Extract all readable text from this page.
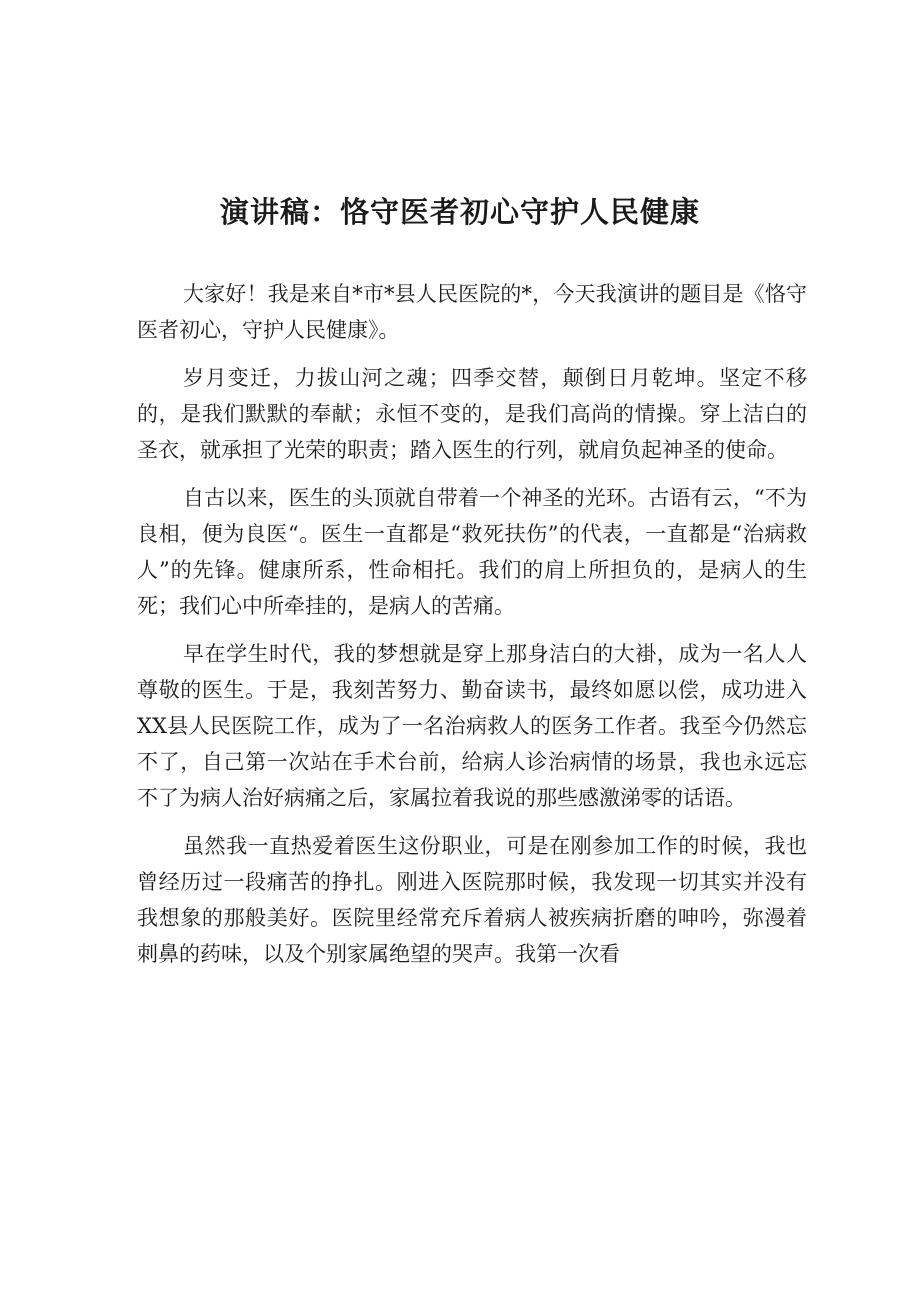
演讲稿：恪守医者初心守护人民健康

大家好！我是来自*市*县人民医院的*，今天我演讲的题目是《恪守医者初心，守护人民健康》。

岁月变迁，力拔山河之魂；四季交替，颠倒日月乾坤。坚定不移的，是我们默默的奉献；永恒不变的，是我们高尚的情操。穿上洁白的圣衣，就承担了光荣的职责；踏入医生的行列，就肩负起神圣的使命。

自古以来，医生的头顶就自带着一个神圣的光环。古语有云，“不为良相，便为良医“。医生一直都是“救死扶伤”的代表，一直都是“治病救人”的先锋。健康所系，性命相托。我们的肩上所担负的，是病人的生死；我们心中所牵挂的，是病人的苦痛。

早在学生时代，我的梦想就是穿上那身洁白的大褂，成为一名人人尊敬的医生。于是，我刻苦努力、勤奋读书，最终如愿以偿，成功进入XX县人民医院工作，成为了一名治病救人的医务工作者。我至今仍然忘不了，自己第一次站在手术台前，给病人诊治病情的场景，我也永远忘不了为病人治好病痛之后，家属拉着我说的那些感激涕零的话语。

虽然我一直热爱着医生这份职业，可是在刚参加工作的时候，我也曾经历过一段痛苦的挣扎。刚进入医院那时候，我发现一切其实并没有我想象的那般美好。医院里经常充斥着病人被疾病折磨的呻吟，弥漫着刺鼻的药味，以及个别家属绝望的哭声。我第一次看
